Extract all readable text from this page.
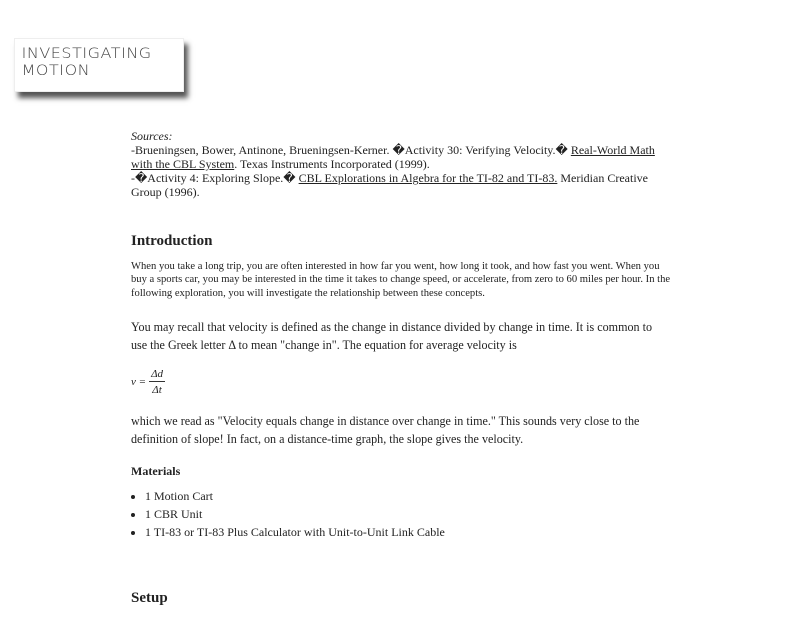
INVESTIGATING
MOTION

Sources:
-Brueningsen, Bower, Antinone, Brueningsen-Kerner. �Activity 30: Verifying Velocity.� Real-World Math with the CBL System. Texas Instruments Incorporated (1999).
-�Activity 4: Exploring Slope.� CBL Explorations in Algebra for the TI-82 and TI-83. Meridian Creative Group (1996).

Introduction

When you take a long trip, you are often interested in how far you went, how long it took, and how fast you went. When you buy a sports car, you may be interested in the time it takes to change speed, or accelerate, from zero to 60 miles per hour. In the following exploration, you will investigate the relationship between these concepts.

You may recall that velocity is defined as the change in distance divided by change in time. It is common to use the Greek letter Δ to mean "change in". The equation for average velocity is

$v = \frac{\Delta d}{\Delta t}$

which we read as "Velocity equals change in distance over change in time." This sounds very close to the definition of slope! In fact, on a distance-time graph, the slope gives the velocity.

Materials
• 1 Motion Cart
• 1 CBR Unit
• 1 TI-83 or TI-83 Plus Calculator with Unit-to-Unit Link Cable
Setup
